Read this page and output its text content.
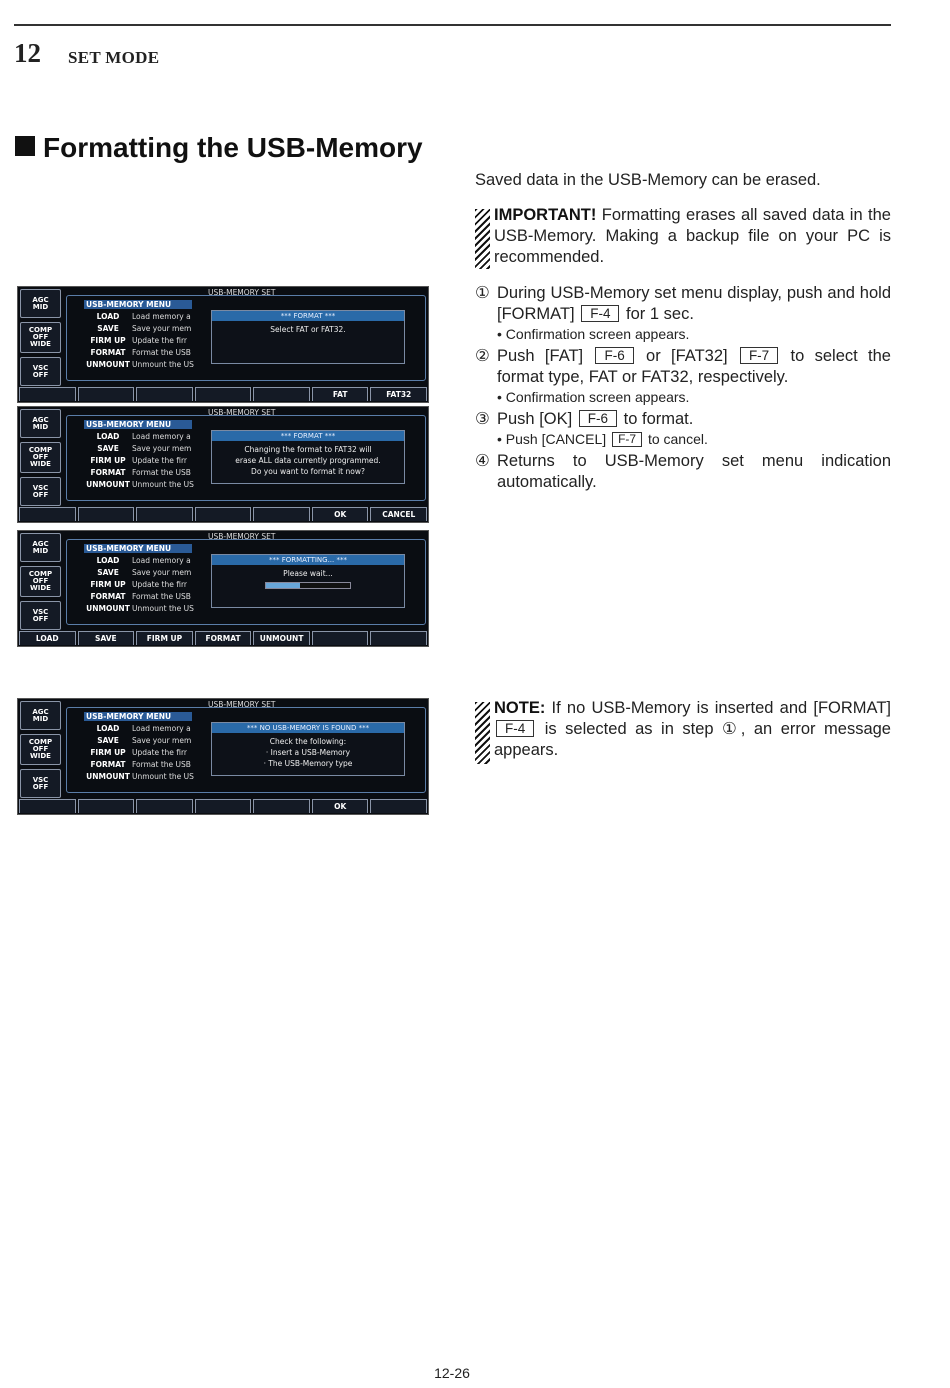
12 SET MODE
Formatting the USB-Memory
Saved data in the USB-Memory can be erased.
IMPORTANT! Formatting erases all saved data in the USB-Memory. Making a backup file on your PC is recommended.
① During USB-Memory set menu display, push and hold [FORMAT] F-4 for 1 sec.
• Confirmation screen appears.
② Push [FAT] F-6 or [FAT32] F-7 to select the format type, FAT or FAT32, respectively.
• Confirmation screen appears.
③ Push [OK] F-6 to format.
• Push [CANCEL] F-7 to cancel.
④ Returns to USB-Memory set menu indication automatically.
NOTE: If no USB-Memory is inserted and [FORMAT] F-4 is selected as in step ①, an error message appears.
AGC
MID
COMP
OFF
WIDE
VSC
OFF
USB-MEMORY SET
USB-MEMORY MENU
LOAD Load memory a
SAVE Save your mem
FIRM UP Update the firr
FORMAT Format the USB
UNMOUNT Unmount the US
*** FORMAT ***
Select FAT or FAT32.
FAT	FAT32
AGC
MID
COMP
OFF
WIDE
VSC
OFF
USB-MEMORY SET
USB-MEMORY MENU
LOAD Load memory a
SAVE Save your mem
FIRM UP Update the firr
FORMAT Format the USB
UNMOUNT Unmount the US
*** FORMAT ***
Changing the format to FAT32 will
erase ALL data currently programmed.
Do you want to format it now?
OK	CANCEL
AGC
MID
COMP
OFF
WIDE
VSC
OFF
USB-MEMORY SET
USB-MEMORY MENU
LOAD Load memory a
SAVE Save your mem
FIRM UP Update the firr
FORMAT Format the USB
UNMOUNT Unmount the US
*** FORMATTING... ***
Please wait...
LOAD	SAVE	FIRM UP	FORMAT	UNMOUNT
AGC
MID
COMP
OFF
WIDE
VSC
OFF
USB-MEMORY SET
USB-MEMORY MENU
LOAD Load memory a
SAVE Save your mem
FIRM UP Update the firr
FORMAT Format the USB
UNMOUNT Unmount the US
*** NO USB-MEMORY IS FOUND ***
Check the following:
· Insert a USB-Memory
· The USB-Memory type
OK
12-26
